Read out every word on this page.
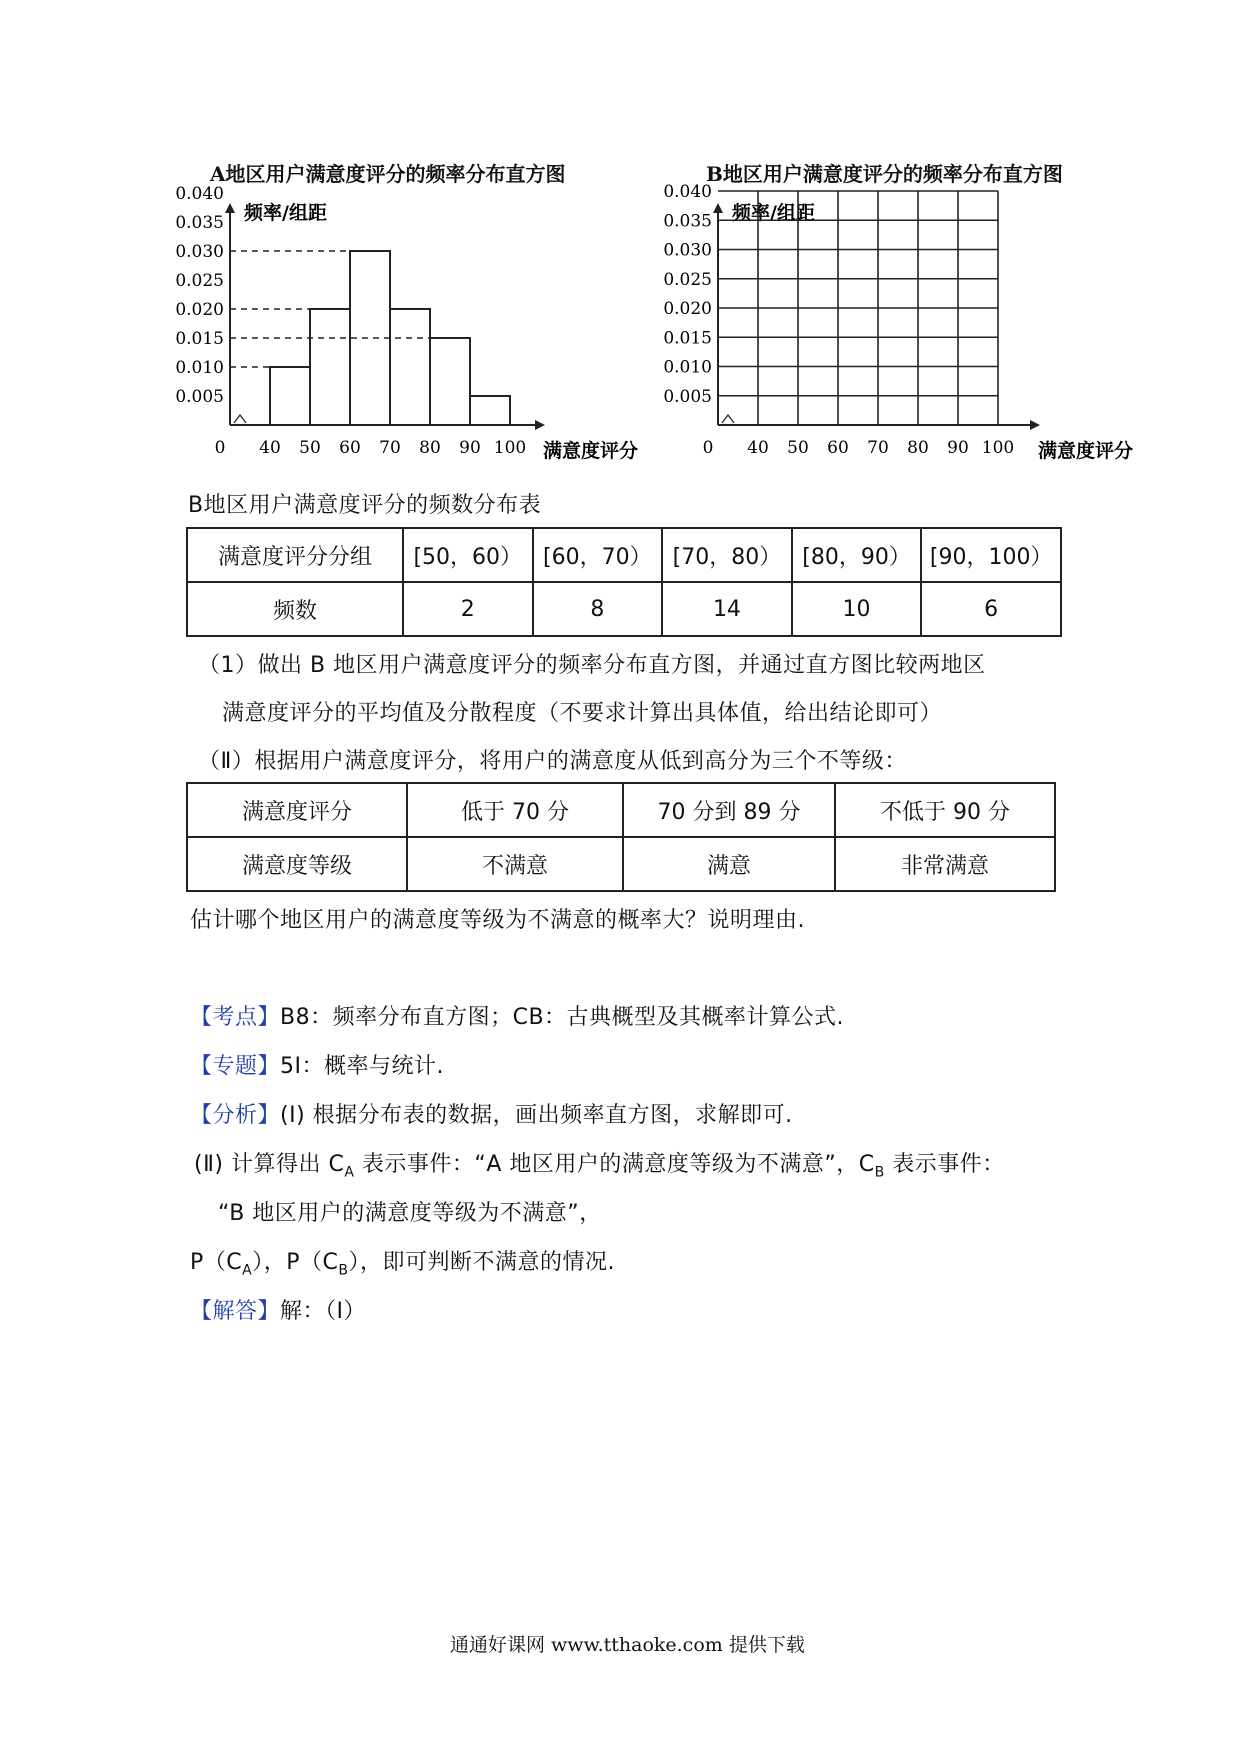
A地区用户满意度评分的频率分布直方图	B地区用户满意度评分的频率分布直方图
频率/组距
满意度评分
0.040
0.035
0.030
0.025
0.020
0.015
0.010
0.005
0 40 50 60 70 80 90 100
频率/组距
满意度评分
0.040
0.035
0.030
0.025
0.020
0.015
0.010
0.005
0 40 50 60 70 80 90 100
B地区用户满意度评分的频数分布表
满意度评分分组	[50，60）	[60，70）	[70，80）	[80，90）	[90，100）
频数	2	8	14	10	6
（1）做出 B 地区用户满意度评分的频率分布直方图，并通过直方图比较两地区
满意度评分的平均值及分散程度（不要求计算出具体值，给出结论即可）
（Ⅱ）根据用户满意度评分，将用户的满意度从低到高分为三个不等级：
满意度评分	低于 70 分	70 分到 89 分	不低于 90 分
满意度等级	不满意	满意	非常满意
估计哪个地区用户的满意度等级为不满意的概率大？说明理由.
【考点】B8：频率分布直方图；CB：古典概型及其概率计算公式.
【专题】5I：概率与统计.
【分析】(Ⅰ) 根据分布表的数据，画出频率直方图，求解即可.
(Ⅱ) 计算得出 $C_A$ 表示事件：“A 地区用户的满意度等级为不满意”，$C_B$ 表示事件：
“B 地区用户的满意度等级为不满意”，
$P(C_A)$，$P(C_B)$，即可判断不满意的情况.
【解答】解：（Ⅰ）
通通好课网 www.tthaoke.com 提供下载
